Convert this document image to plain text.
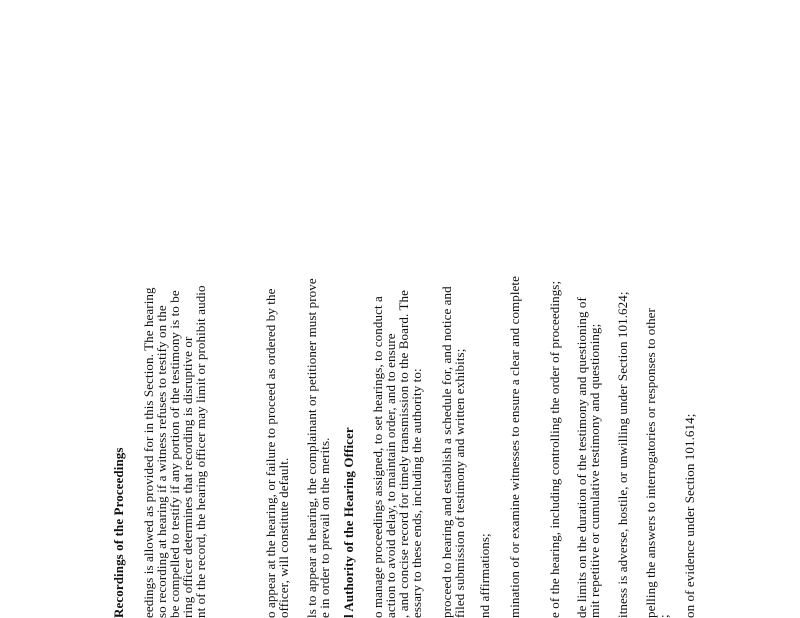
Recordings of the Proceedings eedings is allowed as provided for in this Section. The hearing
so recording at hearing if a witness refuses to testify on the
be compelled to testify if any portion of the testimony is to be
ring officer determines that recording is disruptive or
nt of the record, the hearing officer may limit or prohibit audio	o appear at the hearing, or failure to proceed as ordered by the
officer, will constitute default. ls to appear at hearing, the complainant or petitioner must prove
e in order to prevail on the merits. l Authority of the Hearing Officer o manage proceedings assigned, to set hearings, to conduct a
action to avoid delay, to maintain order, and to ensure
, and concise record for timely transmission to the Board. The
essary to these ends, including the authority to: proceed to hearing and establish a schedule for, and notice and
filed submission of testimony and written exhibits; nd affirmations; mination of or examine witnesses to ensure a clear and complete e of the hearing, including controlling the order of proceedings; de limits on the duration of the testimony and questioning of
mit repetitive or cumulative testimony and questioning; itness is adverse, hostile, or unwilling under Section 101.624; pelling the answers to interrogatories or responses to other
; on of evidence under Section 101.614;
